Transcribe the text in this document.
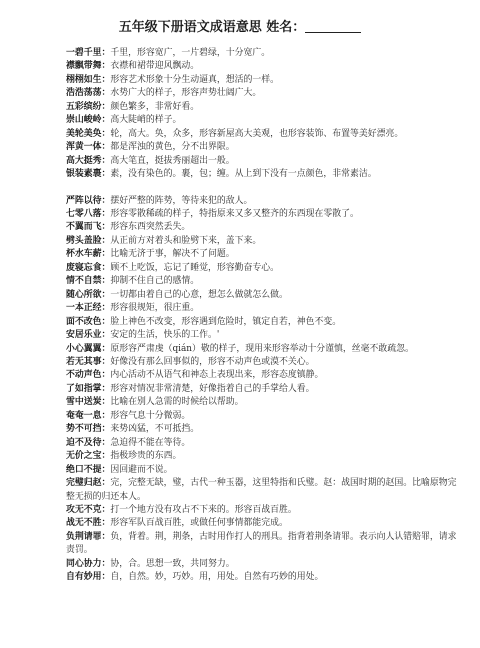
五年级下册语文成语意思 姓名：

一碧千里：千里，形容宽广，一片碧绿，十分宽广。

襟飘带舞：衣襟和裙带迎风飘动。

栩栩如生：形容艺术形象十分生动逼真，想活的一样。

浩浩荡荡：水势广大的样子，形容声势壮阔广大。

五彩缤纷：颜色繁多，非常好看。

崇山峻岭：高大陡峭的样子。

美轮美奂：轮，高大。奂，众多，形容新屋高大美观，也形容装饰、布置等美好漂亮。

浑黄一体：都是浑浊的黄色，分不出界限。

高大挺秀：高大笔直，挺拔秀丽超出一般。

银装素裹：素，没有染色的。裹，包；缠。从上到下没有一点颜色，非常素洁。

严阵以待：摆好严整的阵势，等待来犯的敌人。

七零八落：形容零散稀疏的样子，特指原来又多又整齐的东西现在零散了。

不翼而飞：形容东西突然丢失。

劈头盖脸：从正前方对着头和脸劈下来，盖下来。

杯水车薪：比喻无济于事，解决不了问题。

废寝忘食：顾不上吃饭，忘记了睡觉，形容勤奋专心。

情不自禁：抑制不住自己的感情。

随心所欲：一切都由着自己的心意，想怎么做就怎么做。

一本正经：形容很规矩，很庄重。

面不改色：脸上神色不改变，形容遇到危险时，镇定自若，神色不变。

安居乐业：安定的生活，快乐的工作。'

小心翼翼：原形容严肃虔（qián）敬的样子，现用来形容举动十分谨慎，丝毫不敢疏忽。

若无其事：好像没有那么回事似的，形容不动声色或漠不关心。

不动声色：内心活动不从语气和神态上表现出来，形容态度镇静。

了如指掌：形容对情况非常清楚，好像指着自己的手掌给人看。

雪中送炭：比喻在别人急需的时候给以帮助。

奄奄一息：形容气息十分微弱。

势不可挡：来势凶猛，不可抵挡。

迫不及待：急迫得不能在等待。

无价之宝：指极珍贵的东西。

绝口不提：因回避而不说。

完璧归赵：完，完整无缺，璧，古代一种玉器，这里特指和氏璧。赵：战国时期的赵国。比喻原物完整无损的归还本人。

攻无不克：打一个地方没有攻占不下来的。形容百战百胜。

战无不胜：形容军队百战百胜，或做任何事情都能完成。

负荆请罪：负，背着。荆，荆条，古时用作打人的刑具。指背着荆条请罪。表示向人认错赔罪，请求责罚。

同心协力：协，合。思想一致，共同努力。

自有妙用：自，自然。妙，巧妙。用，用处。自然有巧妙的用处。
